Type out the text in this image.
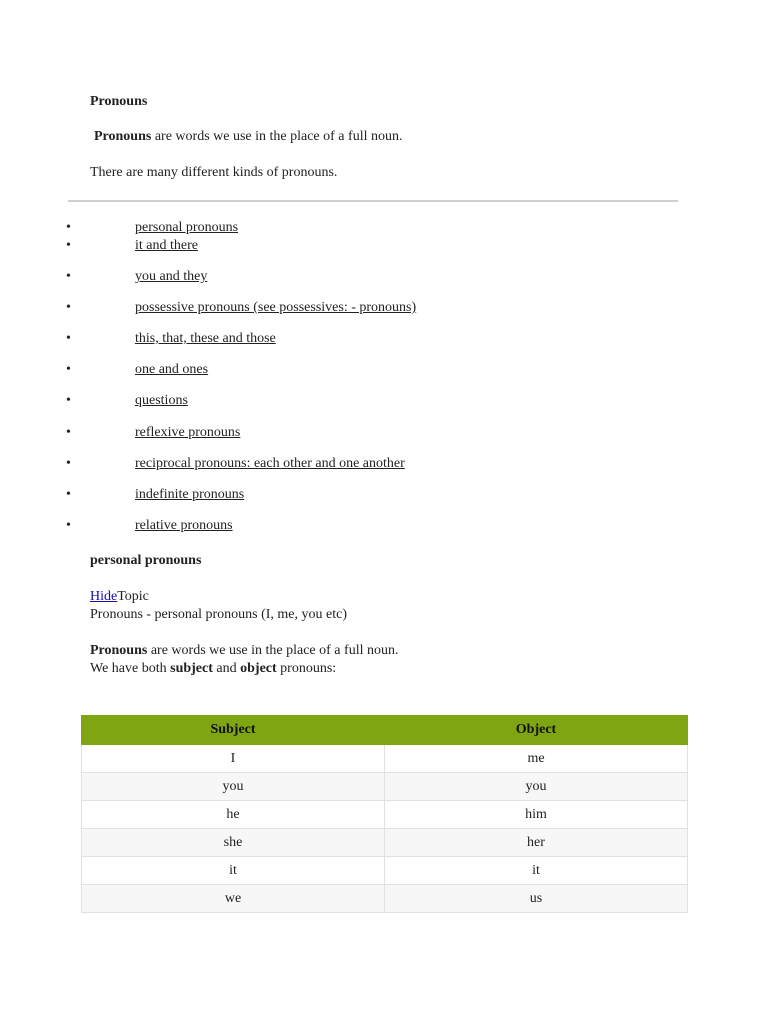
Pronouns
Pronouns are words we use in the place of a full noun.
There are many different kinds of pronouns.
•	personal pronouns
•	it and there
•	you and they
•	possessive pronouns (see possessives: - pronouns)
•	this, that, these and those
•	one and ones
•	questions
•	reflexive pronouns
•	reciprocal pronouns: each other and one another
•	indefinite pronouns
•	relative pronouns
personal pronouns
HideTopic
Pronouns - personal pronouns (I, me, you etc)
Pronouns are words we use in the place of a full noun.
We have both subject and object pronouns:
Subject	Object
I	me
you	you
he	him
she	her
it	it
we	us
